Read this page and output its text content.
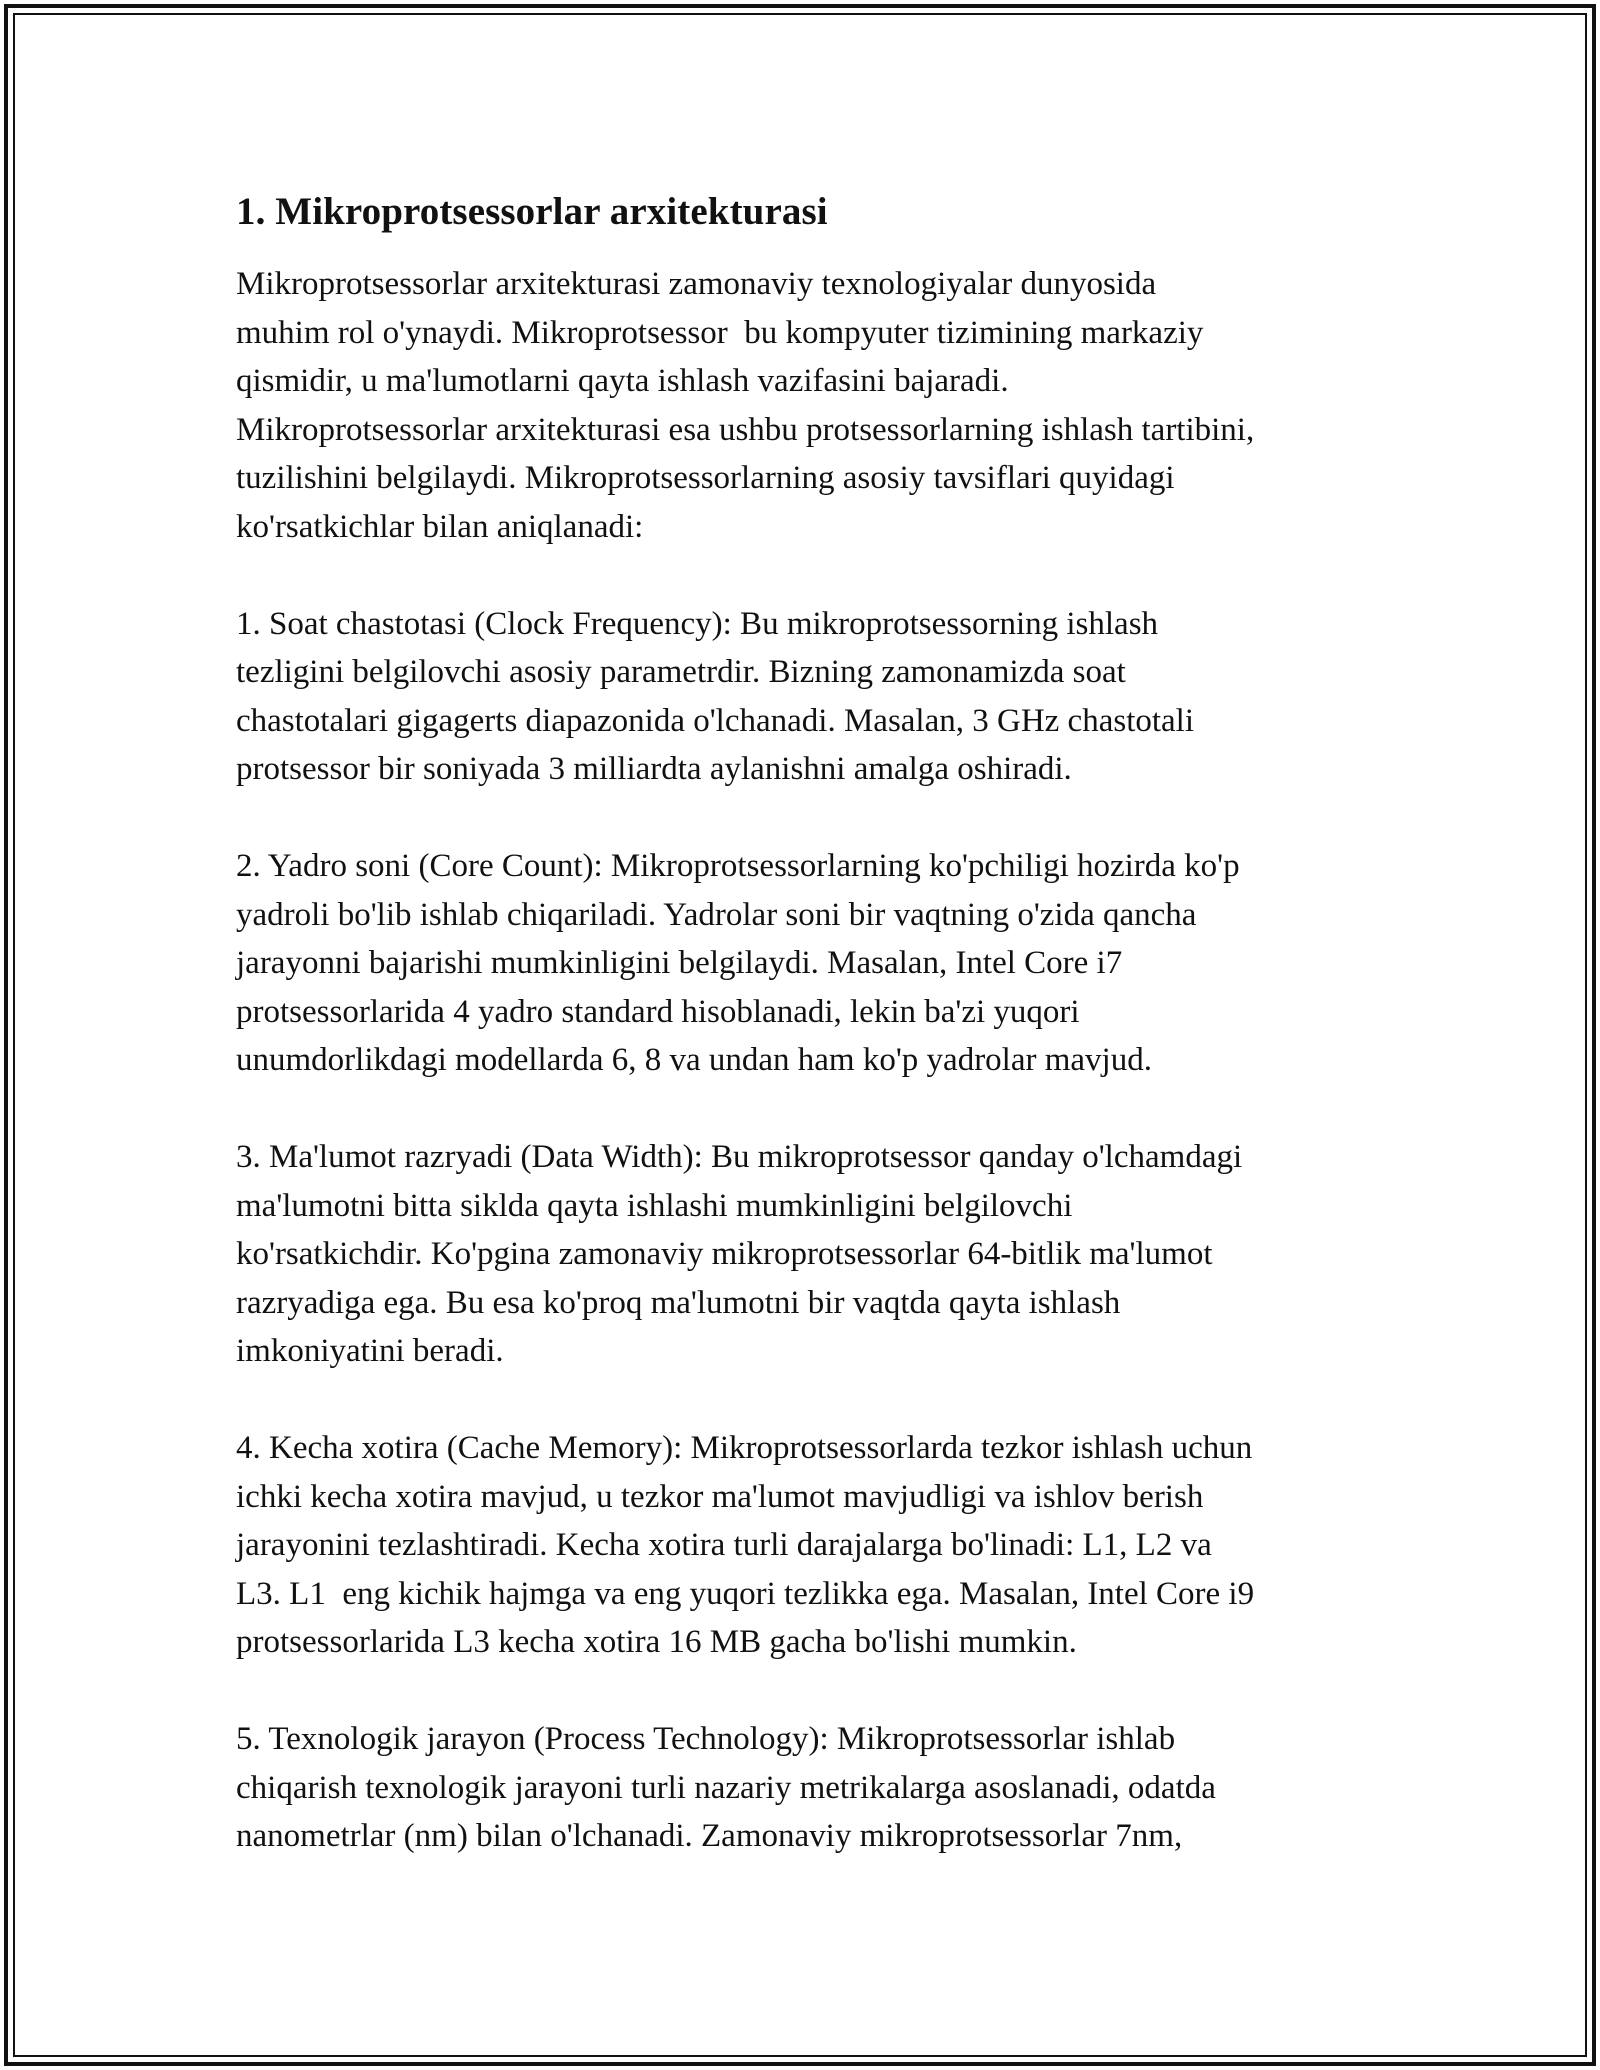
1. Mikroprotsessorlar arxitekturasi
Mikroprotsessorlar arxitekturasi zamonaviy texnologiyalar dunyosida
muhim rol o'ynaydi. Mikroprotsessor  bu kompyuter tizimining markaziy
qismidir, u ma'lumotlarni qayta ishlash vazifasini bajaradi.
Mikroprotsessorlar arxitekturasi esa ushbu protsessorlarning ishlash tartibini,
tuzilishini belgilaydi. Mikroprotsessorlarning asosiy tavsiflari quyidagi
ko'rsatkichlar bilan aniqlanadi:
1. Soat chastotasi (Clock Frequency): Bu mikroprotsessorning ishlash
tezligini belgilovchi asosiy parametrdir. Bizning zamonamizda soat
chastotalari gigagerts diapazonida o'lchanadi. Masalan, 3 GHz chastotali
protsessor bir soniyada 3 milliardta aylanishni amalga oshiradi.
2. Yadro soni (Core Count): Mikroprotsessorlarning ko'pchiligi hozirda ko'p
yadroli bo'lib ishlab chiqariladi. Yadrolar soni bir vaqtning o'zida qancha
jarayonni bajarishi mumkinligini belgilaydi. Masalan, Intel Core i7
protsessorlarida 4 yadro standard hisoblanadi, lekin ba'zi yuqori
unumdorlikdagi modellarda 6, 8 va undan ham ko'p yadrolar mavjud.
3. Ma'lumot razryadi (Data Width): Bu mikroprotsessor qanday o'lchamdagi
ma'lumotni bitta siklda qayta ishlashi mumkinligini belgilovchi
ko'rsatkichdir. Ko'pgina zamonaviy mikroprotsessorlar 64-bitlik ma'lumot
razryadiga ega. Bu esa ko'proq ma'lumotni bir vaqtda qayta ishlash
imkoniyatini beradi.
4. Kecha xotira (Cache Memory): Mikroprotsessorlarda tezkor ishlash uchun
ichki kecha xotira mavjud, u tezkor ma'lumot mavjudligi va ishlov berish
jarayonini tezlashtiradi. Kecha xotira turli darajalarga bo'linadi: L1, L2 va
L3. L1  eng kichik hajmga va eng yuqori tezlikka ega. Masalan, Intel Core i9
protsessorlarida L3 kecha xotira 16 MB gacha bo'lishi mumkin.
5. Texnologik jarayon (Process Technology): Mikroprotsessorlar ishlab
chiqarish texnologik jarayoni turli nazariy metrikalarga asoslanadi, odatda
nanometrlar (nm) bilan o'lchanadi. Zamonaviy mikroprotsessorlar 7nm,
